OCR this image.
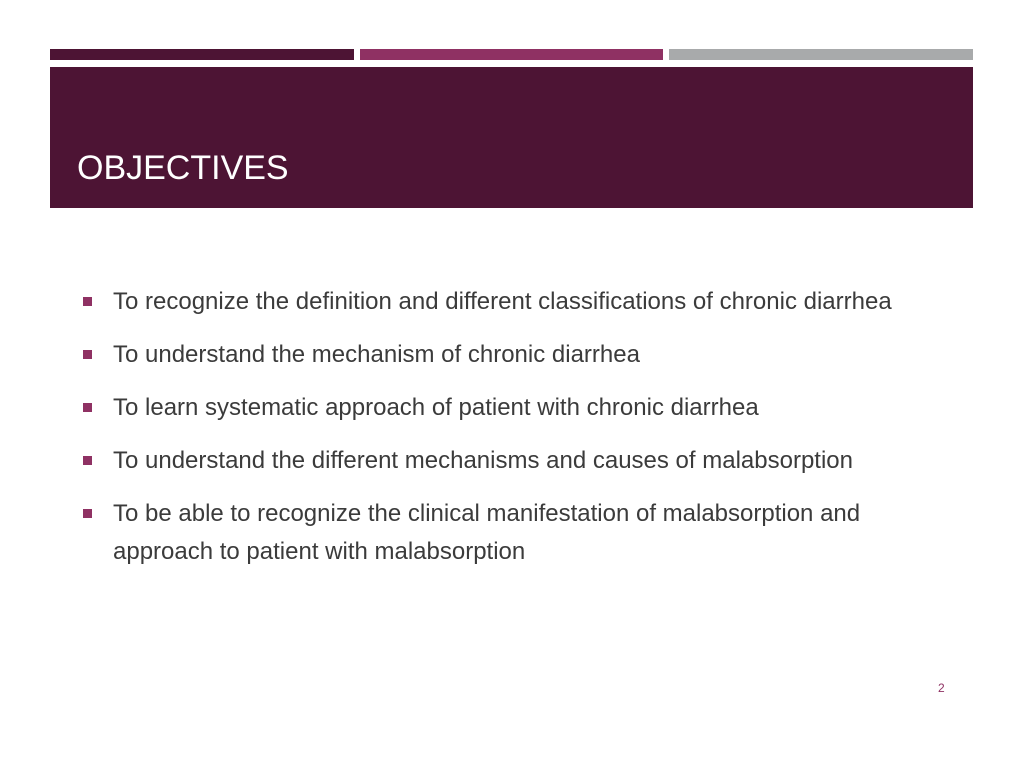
OBJECTIVES
To recognize the definition and different classifications of chronic diarrhea
To understand the mechanism of chronic diarrhea
To learn systematic approach of patient with chronic diarrhea
To understand the different mechanisms and causes of malabsorption
To be able to recognize the clinical manifestation of malabsorption and approach to patient with malabsorption
2
